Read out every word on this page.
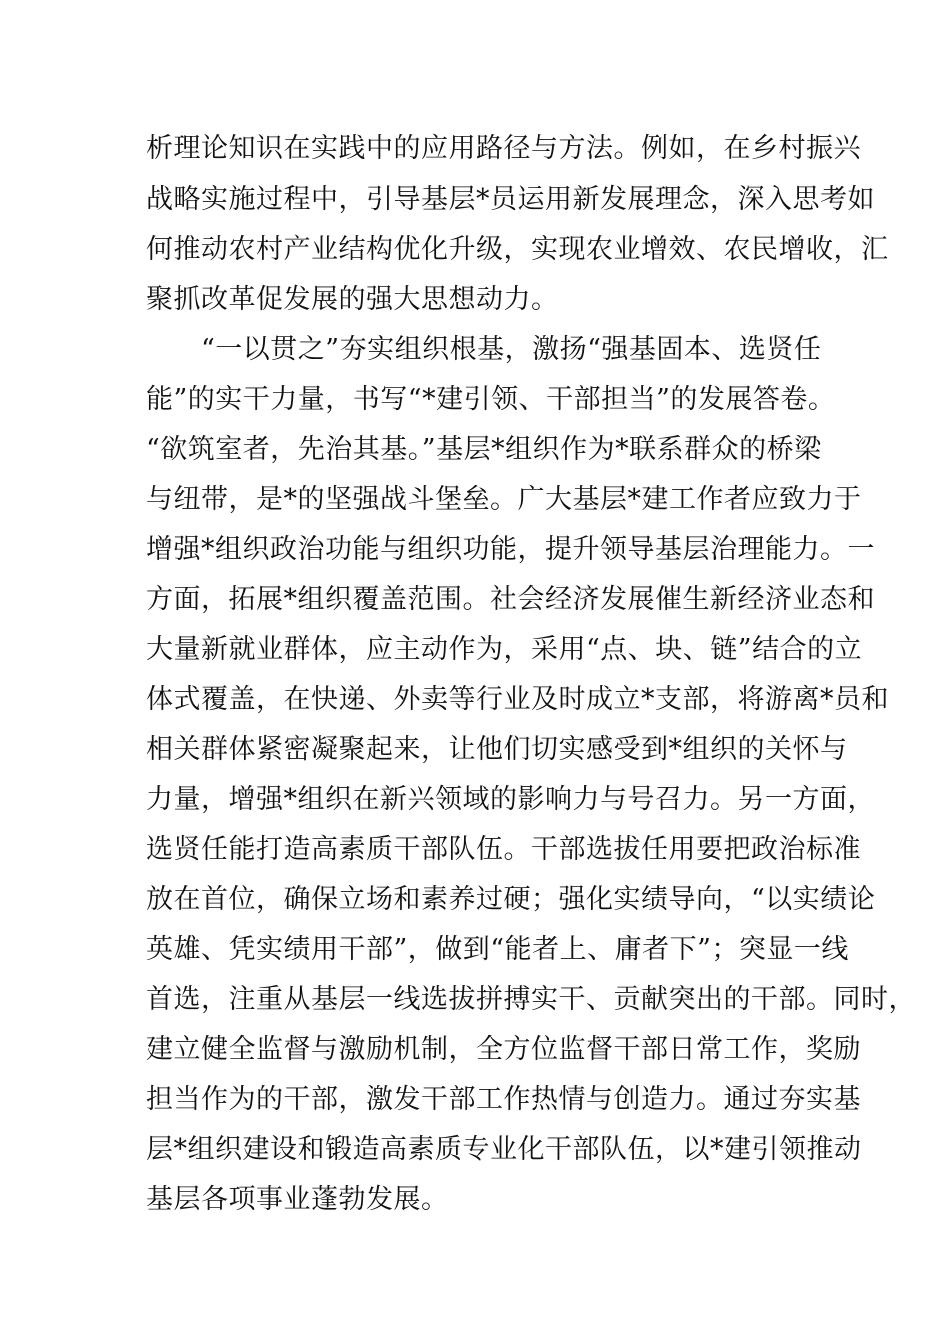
析理论知识在实践中的应用路径与方法。例如，在乡村振兴
战略实施过程中，引导基层*员运用新发展理念，深入思考如
何推动农村产业结构优化升级，实现农业增效、农民增收，汇
聚抓改革促发展的强大思想动力。
“一以贯之”夯实组织根基，激扬“强基固本、选贤任
能”的实干力量，书写“*建引领、干部担当”的发展答卷。
“欲筑室者，先治其基。”基层*组织作为*联系群众的桥梁
与纽带，是*的坚强战斗堡垒。广大基层*建工作者应致力于
增强*组织政治功能与组织功能，提升领导基层治理能力。一
方面，拓展*组织覆盖范围。社会经济发展催生新经济业态和
大量新就业群体，应主动作为，采用“点、块、链”结合的立
体式覆盖，在快递、外卖等行业及时成立*支部，将游离*员和
相关群体紧密凝聚起来，让他们切实感受到*组织的关怀与
力量，增强*组织在新兴领域的影响力与号召力。另一方面，
选贤任能打造高素质干部队伍。干部选拔任用要把政治标准
放在首位，确保立场和素养过硬；强化实绩导向，“以实绩论
英雄、凭实绩用干部”，做到“能者上、庸者下”；突显一线
首选，注重从基层一线选拔拼搏实干、贡献突出的干部。同时，
建立健全监督与激励机制，全方位监督干部日常工作，奖励
担当作为的干部，激发干部工作热情与创造力。通过夯实基
层*组织建设和锻造高素质专业化干部队伍，以*建引领推动
基层各项事业蓬勃发展。
